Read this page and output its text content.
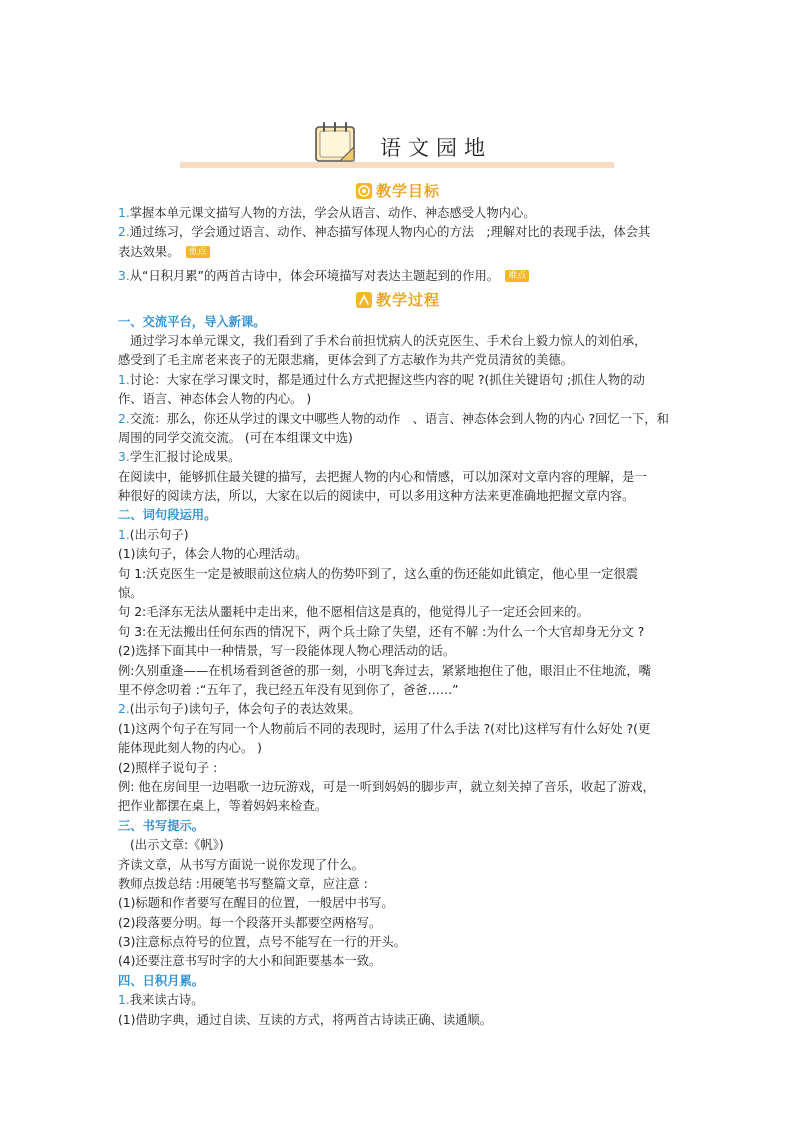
语文园地
教学目标
1.掌握本单元课文描写人物的方法，学会从语言、动作、神态感受人物内心。
2.通过练习，学会通过语言、动作、神态描写体现人物内心的方法　;理解对比的表现手法，体会其
表达效果。 重点
3.从“日积月累”的两首古诗中，体会环境描写对表达主题起到的作用。 难点
教学过程
一、交流平台，导入新课。
通过学习本单元课文，我们看到了手术台前担忧病人的沃克医生、手术台上毅力惊人的刘伯承，
感受到了毛主席老来丧子的无限悲痛，更体会到了方志敏作为共产党员清贫的美德。
1.讨论：大家在学习课文时，都是通过什么方式把握这些内容的呢 ?(抓住关键语句 ;抓住人物的动
作、语言、神态体会人物的内心。 )
2.交流：那么，你还从学过的课文中哪些人物的动作　、语言、神态体会到人物的内心 ?回忆一下，和
周围的同学交流交流。 (可在本组课文中选)
3.学生汇报讨论成果。
在阅读中，能够抓住最关键的描写，去把握人物的内心和情感，可以加深对文章内容的理解，是一
种很好的阅读方法，所以，大家在以后的阅读中，可以多用这种方法来更准确地把握文章内容。
二、词句段运用。
1.(出示句子)
(1)读句子，体会人物的心理活动。
句 1:沃克医生一定是被眼前这位病人的伤势吓到了，这么重的伤还能如此镇定，他心里一定很震
惊。
句 2:毛泽东无法从噩耗中走出来，他不愿相信这是真的，他觉得儿子一定还会回来的。
句 3:在无法搬出任何东西的情况下，两个兵士除了失望，还有不解 :为什么一个大官却身无分文 ?
(2)选择下面其中一种情景，写一段能体现人物心理活动的话。
例:久别重逢——在机场看到爸爸的那一刻，小明飞奔过去，紧紧地抱住了他，眼泪止不住地流，嘴
里不停念叨着 :“五年了，我已经五年没有见到你了，爸爸……”
2.(出示句子)读句子，体会句子的表达效果。
(1)这两个句子在写同一个人物前后不同的表现时，运用了什么手法 ?(对比)这样写有什么好处 ?(更
能体现此刻人物的内心。 )
(2)照样子说句子 :
例: 他在房间里一边唱歌一边玩游戏，可是一听到妈妈的脚步声，就立刻关掉了音乐，收起了游戏，
把作业都摆在桌上，等着妈妈来检查。
三、书写提示。
(出示文章:《帆》)
齐读文章，从书写方面说一说你发现了什么。
教师点拨总结 :用硬笔书写整篇文章，应注意 :
(1)标题和作者要写在醒目的位置，一般居中书写。
(2)段落要分明。每一个段落开头都要空两格写。
(3)注意标点符号的位置，点号不能写在一行的开头。
(4)还要注意书写时字的大小和间距要基本一致。
四、日积月累。
1.我来读古诗。
(1)借助字典，通过自读、互读的方式，将两首古诗读正确、读通顺。
